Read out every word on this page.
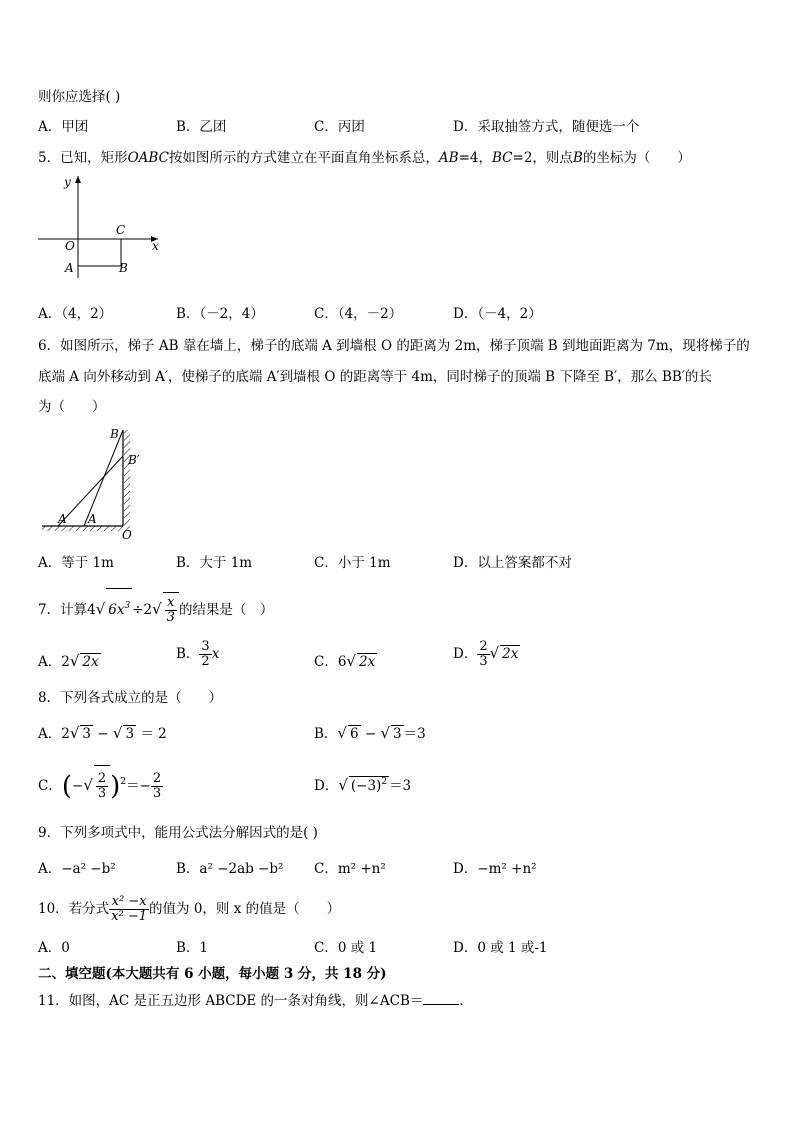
则你应选择( )
A．甲团	B．乙团	C．丙团	D．采取抽签方式，随便选一个
5．已知，矩形OABC按如图所示的方式建立在平面直角坐标系总，AB=4，BC=2，则点B的坐标为（　　）
y
x
O
C
A	B
A．（4，2）	B．（－2，4）	C．（4，－2）	D．（－4，2）
6．如图所示，梯子 AB 靠在墙上，梯子的底端 A 到墙根 O 的距离为 2m，梯子顶端 B 到地面距离为 7m，现将梯子的
底端 A 向外移动到 A′，使梯子的底端 A′到墙根 O 的距离等于 4m，同时梯子的顶端 B 下降至 B′，那么 BB′的长
为（　　）
B
B′
A′ A
O
A．等于 1m	B．大于 1m	C．小于 1m	D．以上答案都不对
7．计算4√ $6x^3 \div 2√ \frac{x}{3}$ 的结果是（　）
A．2√ 2x	B． $\frac{3}{2}$ x	C．6√ 2x	D． $\frac{2}{3}$ √ 2x
8．下列各式成立的是（　　）
A．2√ 3 − √ 3 ＝ 2	B．√ 6 − √ 3 ＝3
C．(−√ $\frac{2}{3} )^2=- \frac{2}{3}$	D．√ $(-3)^2 =3$
9．下列多项式中，能用公式法分解因式的是( )
A．−a² −b²	B．a² −2ab −b² C．m² +n²	D．−m² +n²
10．若分式 $\frac{\text{x² −x}}{\text{x² −1}}$ 的值为 0，则 x 的值是（　　）
A．0	B．1	C．0 或 1	D．0 或 1 或-1
二、填空题(本大题共有 6 小题，每小题 3 分，共 18 分)
11．如图，AC 是正五边形 ABCDE 的一条对角线，则∠ACB＝	．
